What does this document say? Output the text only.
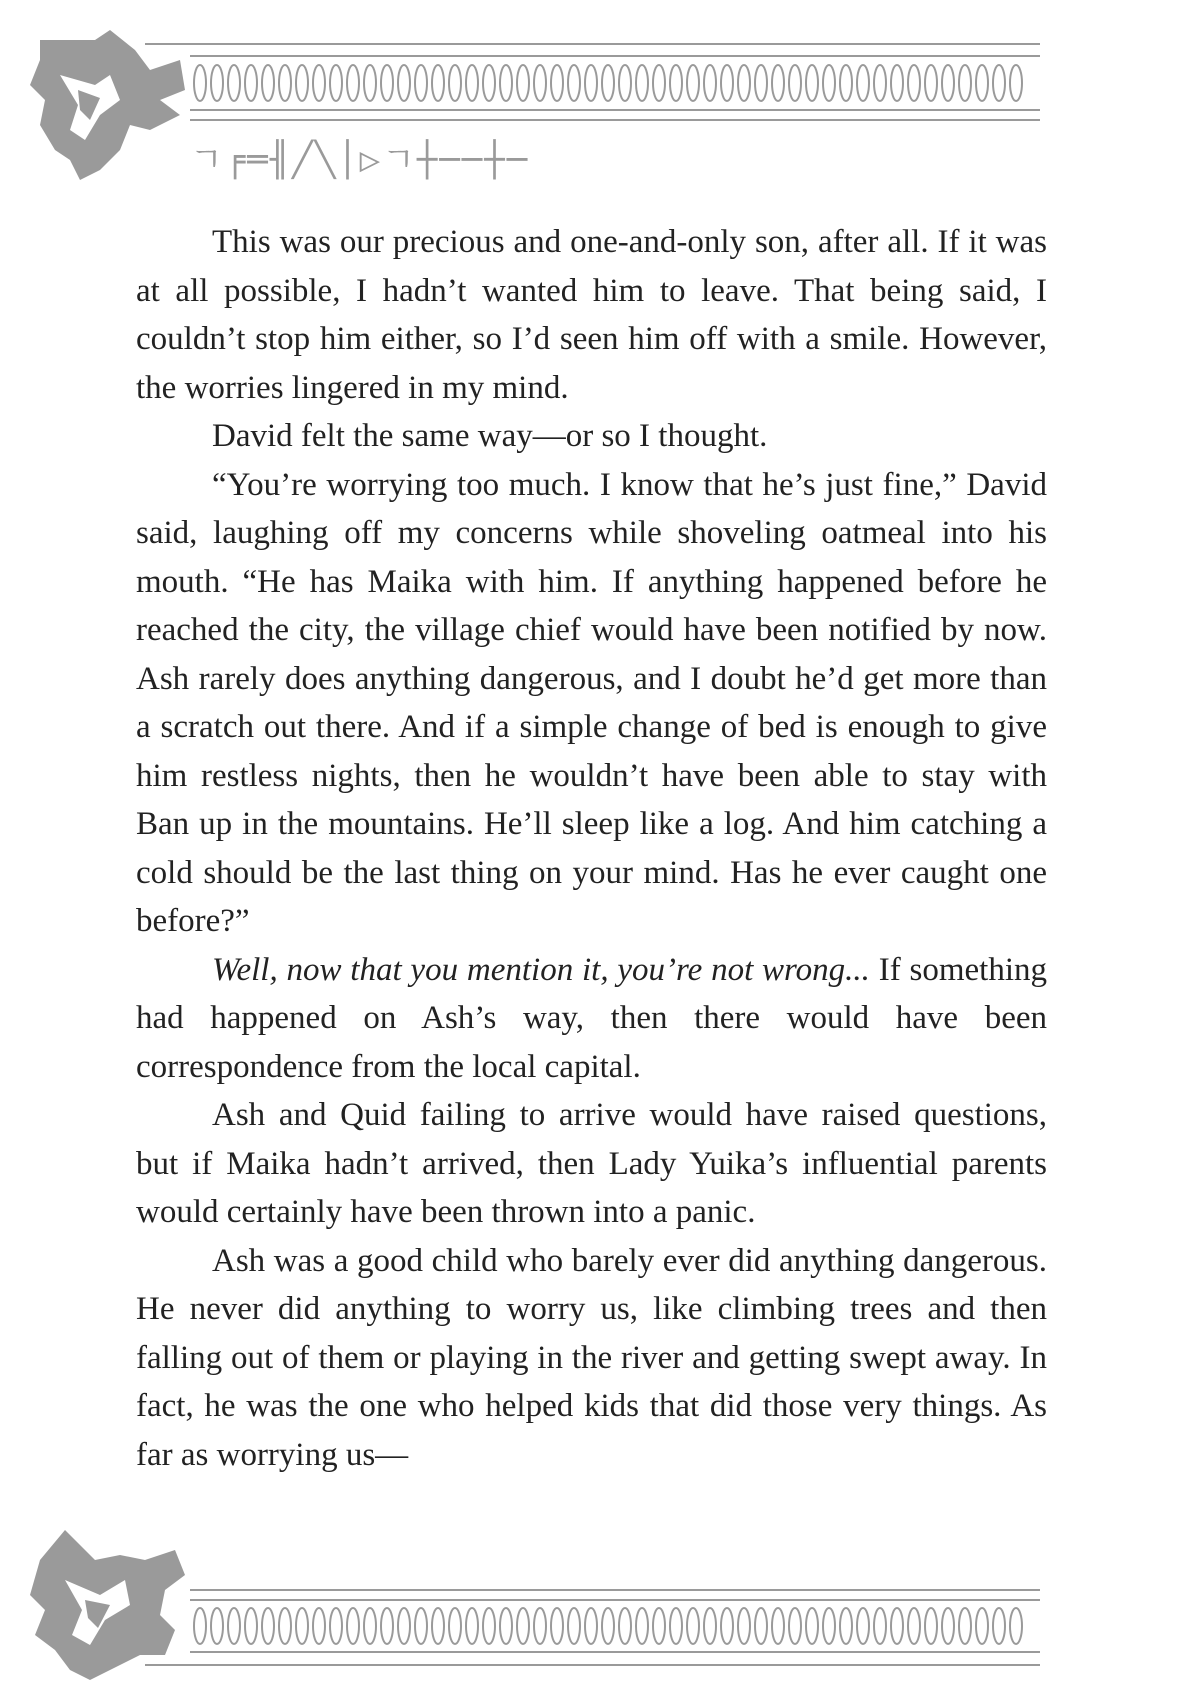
ㄱ╒═╢╱╲│▷ㄱ┼──┼─

This was our precious and one-and-only son, after all. If it was at all possible, I hadn’t wanted him to leave. That being said, I couldn’t stop him either, so I’d seen him off with a smile. However, the worries lingered in my mind.

David felt the same way—or so I thought.

“You’re worrying too much. I know that he’s just fine,” David said, laughing off my concerns while shoveling oatmeal into his mouth. “He has Maika with him. If anything happened before he reached the city, the village chief would have been notified by now. Ash rarely does anything dangerous, and I doubt he’d get more than a scratch out there. And if a simple change of bed is enough to give him restless nights, then he wouldn’t have been able to stay with Ban up in the mountains. He’ll sleep like a log. And him catching a cold should be the last thing on your mind. Has he ever caught one before?”

Well, now that you mention it, you’re not wrong... If something had happened on Ash’s way, then there would have been correspondence from the local capital.

Ash and Quid failing to arrive would have raised questions, but if Maika hadn’t arrived, then Lady Yuika’s influential parents would certainly have been thrown into a panic.

Ash was a good child who barely ever did anything dangerous. He never did anything to worry us, like climbing trees and then falling out of them or playing in the river and getting swept away. In fact, he was the one who helped kids that did those very things. As far as worrying us—
